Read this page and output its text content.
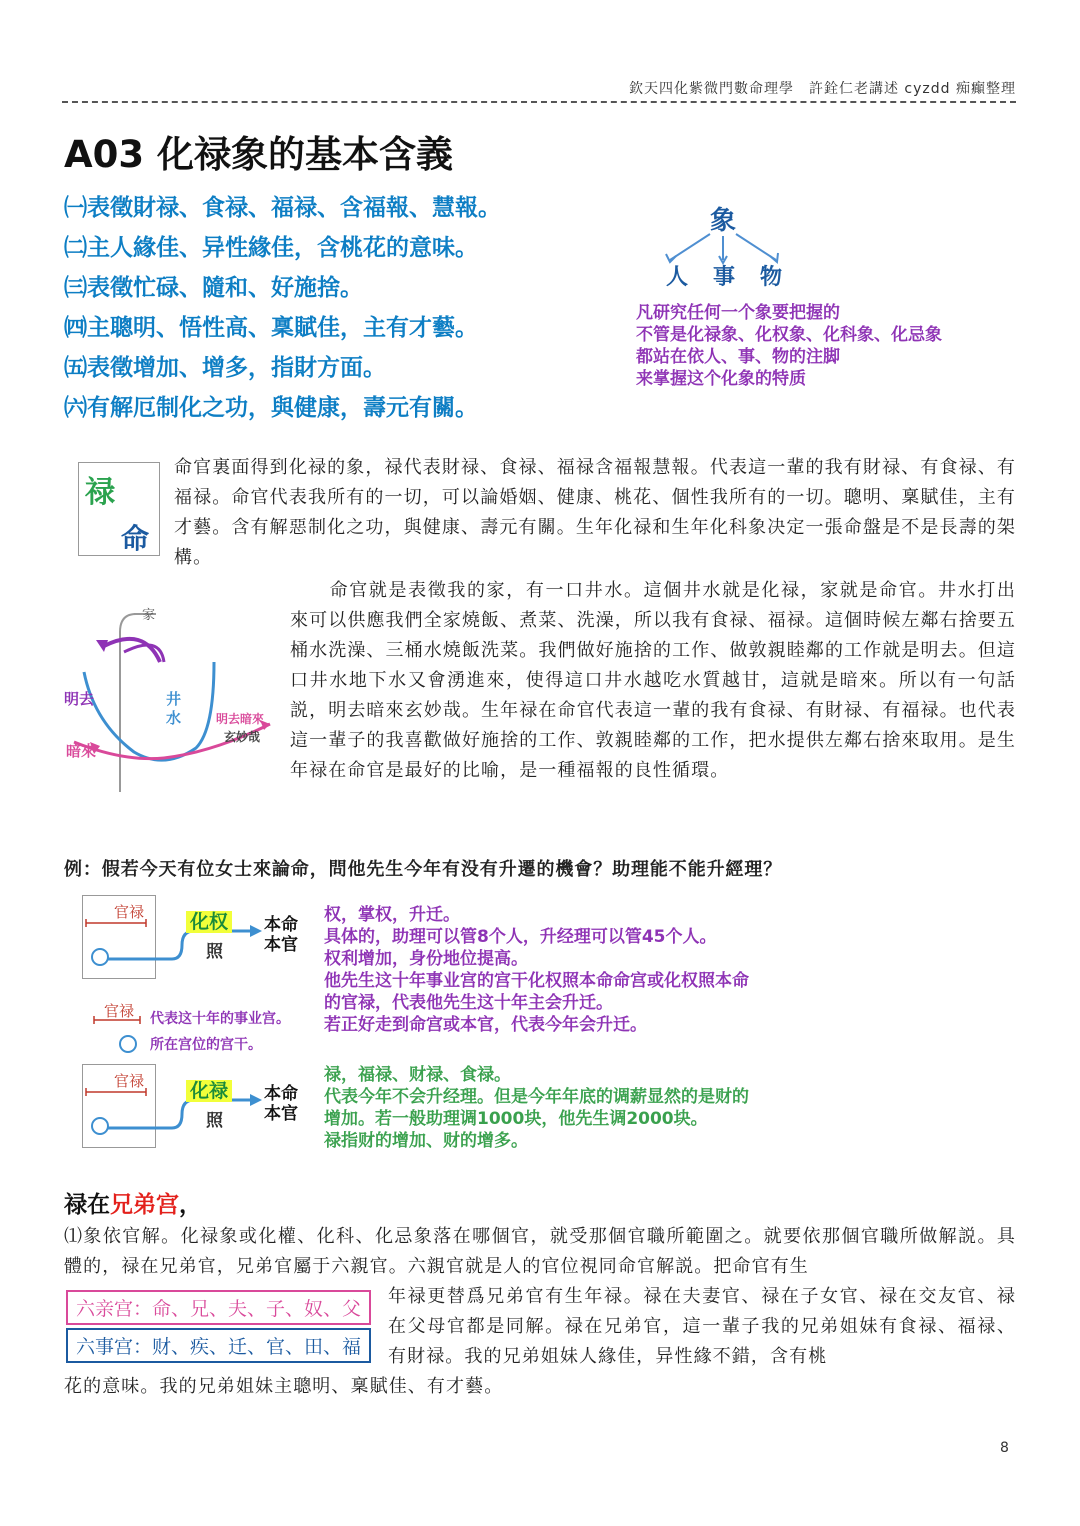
欽天四化紫微門數命理學　許銓仁老講述 cyzdd 痴癲整理
A03 化禄象的基本含義
㈠表徵財禄、食禄、福禄、含福報、慧報。
㈡主人緣佳、异性緣佳，含桃花的意味。
㈢表徵忙碌、隨和、好施捨。
㈣主聰明、悟性高、稟賦佳，主有才藝。
㈤表徵增加、增多，指財方面。
㈥有解厄制化之功，與健康，壽元有關。
象
人 事 物
凡研究任何一个象要把握的
不管是化禄象、化权象、化科象、化忌象
都站在依人、事、物的注脚
来掌握这个化象的特质
禄
命
命官裏面得到化禄的象，禄代表財禄、食禄、福禄含福報慧報。代表這一輩的我有財禄、有食禄、有福禄。命官代表我所有的一切，可以論婚姻、健康、桃花、個性我所有的一切。聰明、稟賦佳，主有才藝。含有解惡制化之功，與健康、壽元有關。生年化禄和生年化科象决定一張命盤是不是長壽的架構。
家
明去
暗來
井
水	明去暗來
玄妙哉
命官就是表徵我的家，有一口井水。這個井水就是化禄，家就是命官。井水打出來可以供應我們全家燒飯、煮菜、洗澡，所以我有食禄、福禄。這個時候左鄰右捨要五桶水洗澡、三桶水燒飯洗菜。我們做好施捨的工作、做敦親睦鄰的工作就是明去。但這口井水地下水又會湧進來，使得這口井水越吃水質越甘，這就是暗來。所以有一句話説，明去暗來玄妙哉。生年禄在命官代表這一輩的我有食禄、有財禄、有福禄。也代表這一輩子的我喜歡做好施捨的工作、敦親睦鄰的工作，把水提供左鄰右捨來取用。是生年禄在命官是最好的比喻，是一種福報的良性循環。
例：假若今天有位女士來論命，問他先生今年有没有升遷的機會？助理能不能升經理？
官禄 化权
照
本命
本官
官禄 代表这十年的事业宫。
所在宫位的宫干。
权，掌权，升迁。
具体的，助理可以管8个人，升经理可以管45个人。
权利增加，身份地位提高。
他先生这十年事业宫的宫干化权照本命命宫或化权照本命
的官禄，代表他先生这十年主会升迁。
若正好走到命宫或本官，代表今年会升迁。
官禄 化禄
照
本命
本官
禄，福禄、财禄、食禄。
代表今年不会升经理。但是今年年底的调薪显然的是财的
增加。若一般助理调1000块，他先生调2000块。
禄指财的增加、财的增多。
禄在兄弟宫，
⑴象依官解。化禄象或化權、化科、化忌象落在哪個官，就受那個官職所範圍之。就要依那個官職所做解説。具體的，禄在兄弟官，兄弟官屬于六親官。六親官就是人的官位視同命官解説。把命官有生
六亲宫：命、兄、夫、子、奴、父
六事宫：财、疾、迁、官、田、福
年禄更替爲兄弟官有生年禄。禄在夫妻官、禄在子女官、禄在交友官、禄在父母官都是同解。禄在兄弟官，這一輩子我的兄弟姐妹有食禄、福禄、有財禄。我的兄弟姐妹人緣佳，异性緣不錯，含有桃
花的意味。我的兄弟姐妹主聰明、稟賦佳、有才藝。
8
